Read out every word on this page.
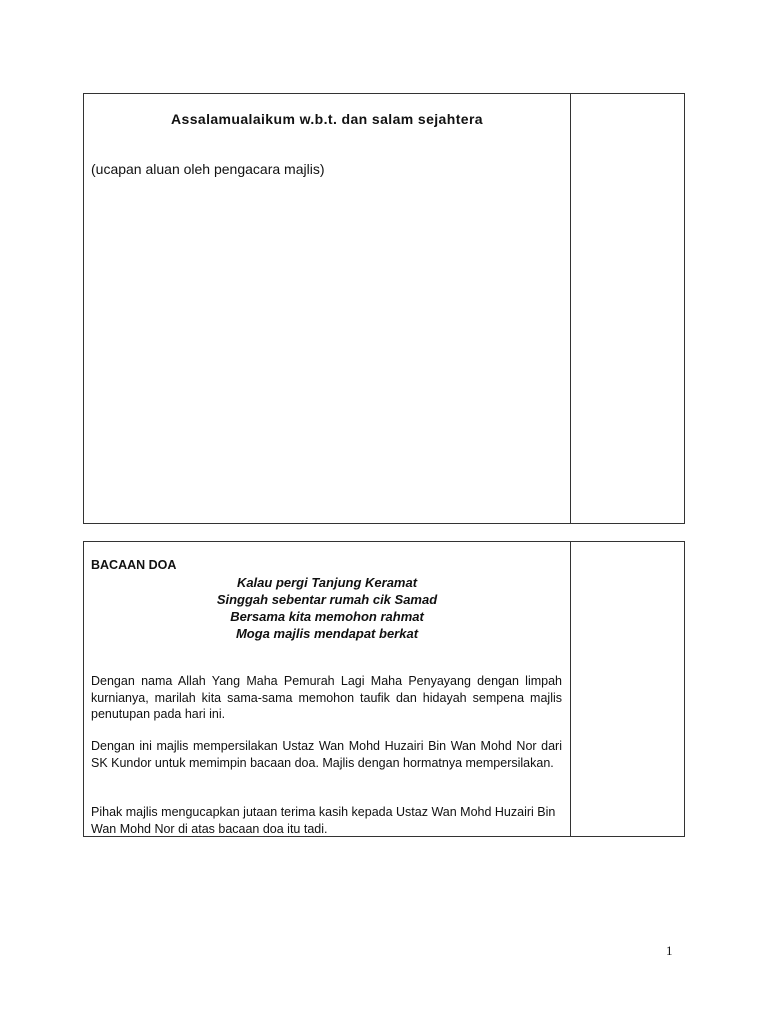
Assalamualaikum w.b.t. dan salam sejahtera
(ucapan aluan oleh pengacara majlis)
BACAAN DOA
Kalau pergi Tanjung Keramat
Singgah sebentar rumah cik Samad
Bersama kita memohon rahmat
Moga majlis mendapat berkat

Dengan nama Allah Yang Maha Pemurah Lagi Maha Penyayang dengan limpah kurnianya, marilah kita sama-sama memohon taufik dan hidayah sempena majlis penutupan pada hari ini.

Dengan ini majlis mempersilakan Ustaz Wan Mohd Huzairi Bin Wan Mohd Nor dari SK Kundor untuk memimpin bacaan doa. Majlis dengan hormatnya mempersilakan.

Pihak majlis mengucapkan jutaan terima kasih kepada Ustaz Wan Mohd Huzairi Bin Wan Mohd Nor di atas bacaan doa itu tadi.

1
